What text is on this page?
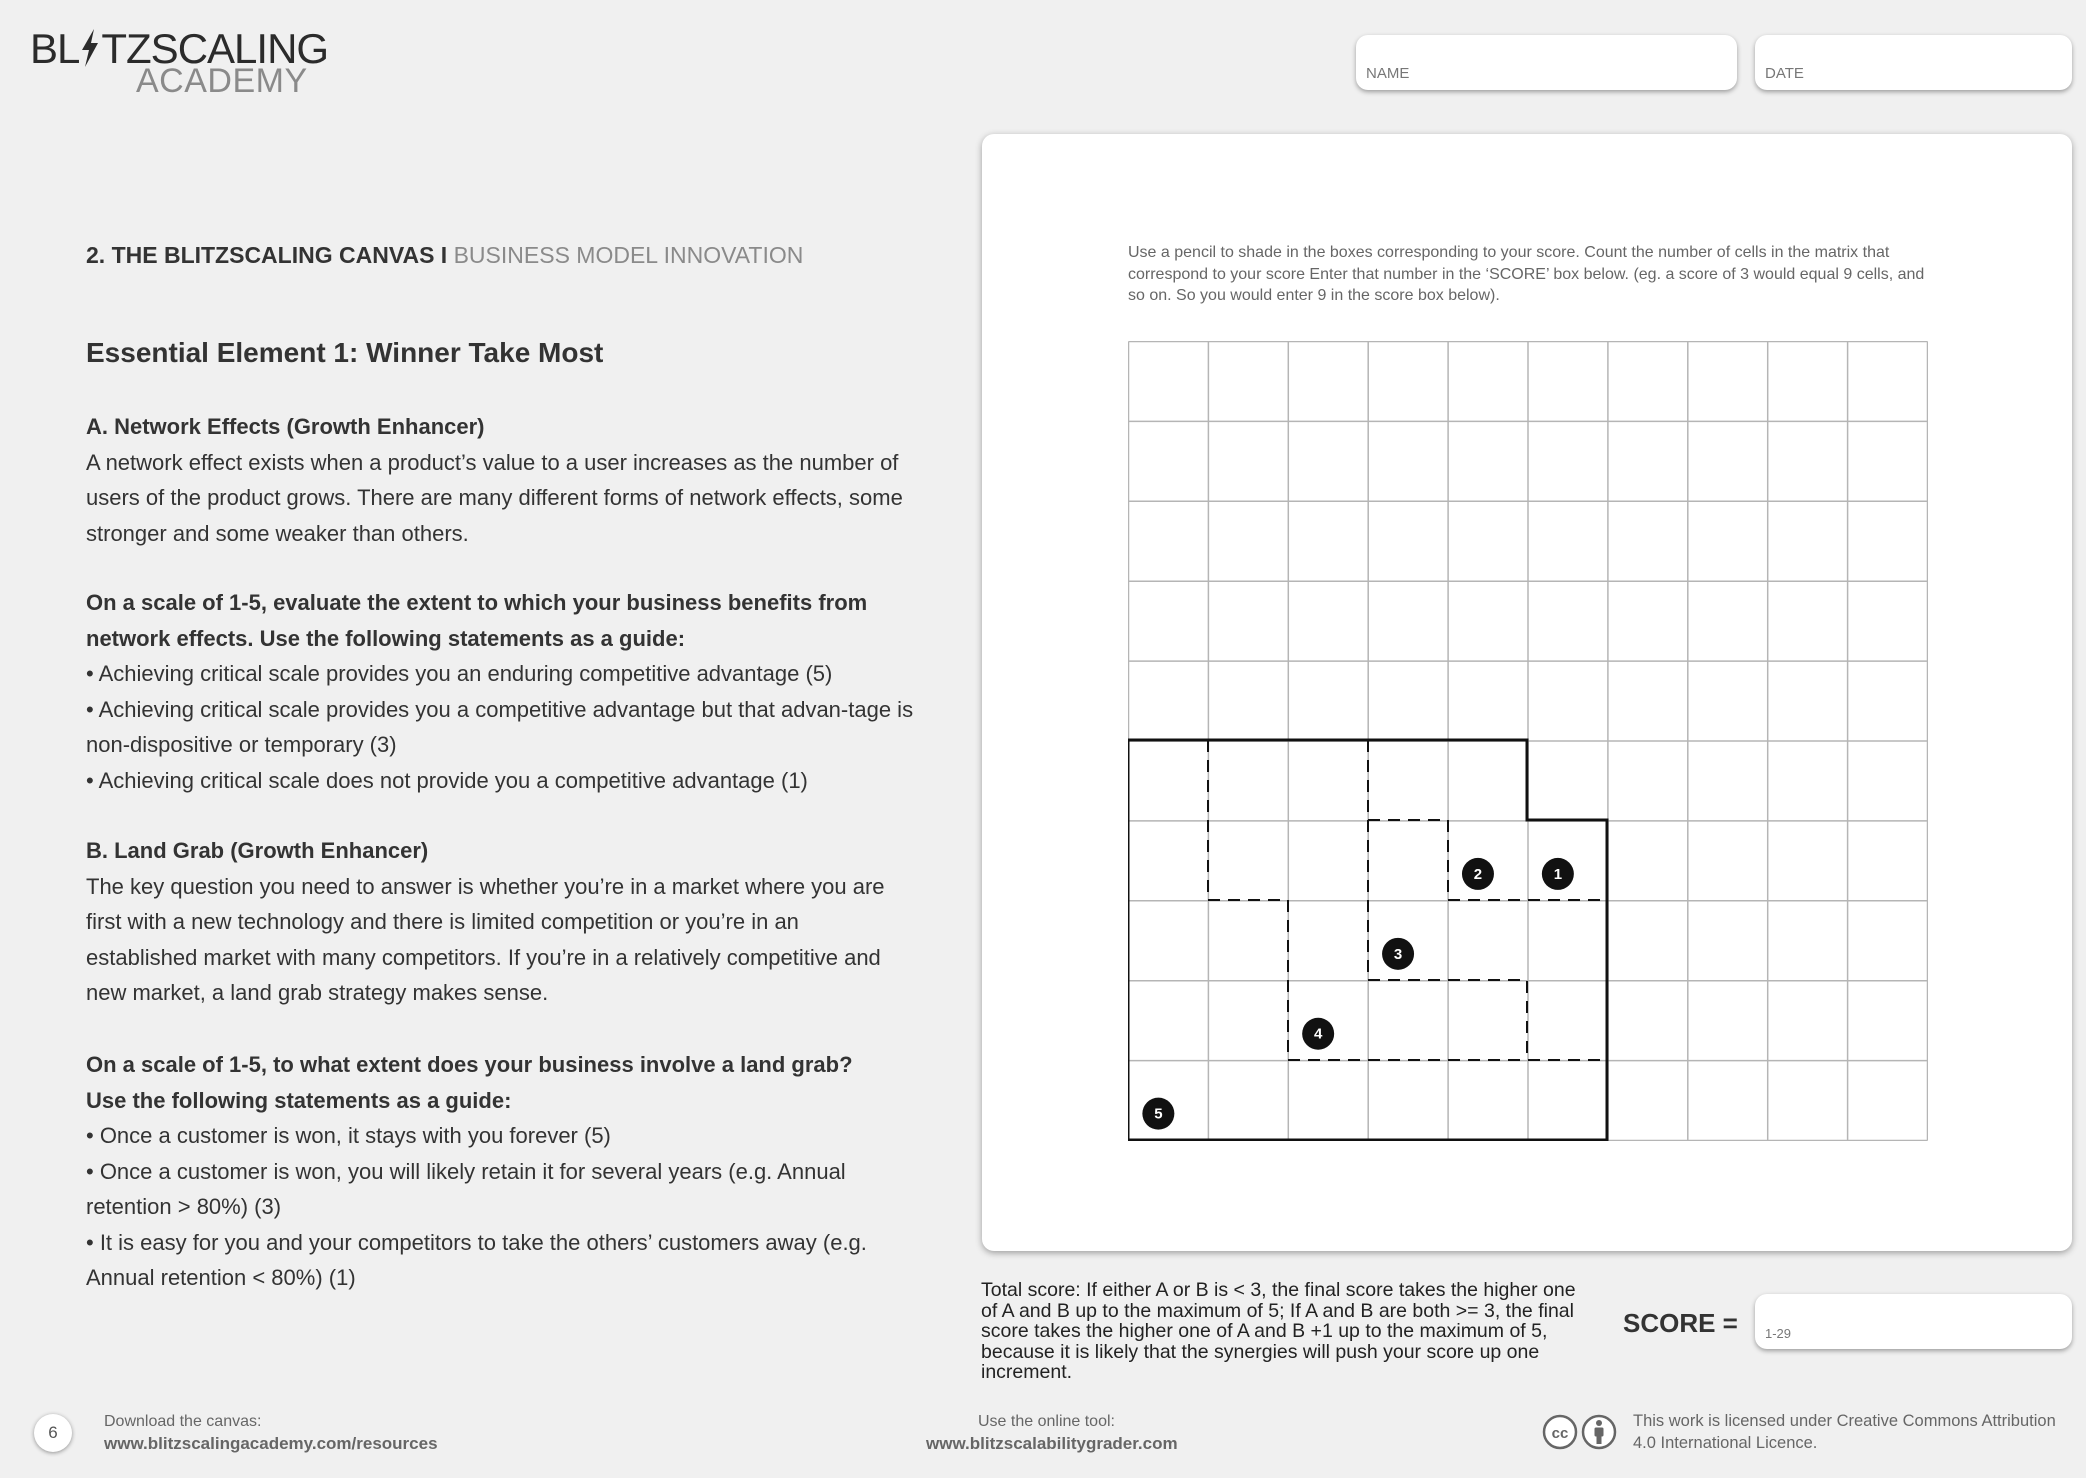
BL TZSCALING
ACADEMY	NAME	DATE
2. THE BLITZSCALING CANVAS I BUSINESS MODEL INNOVATION
Essential Element 1: Winner Take Most
A. Network Effects (Growth Enhancer)
A network effect exists when a product’s value to a user increases as the number of users of the product grows. There are many different forms of network effects, some stronger and some weaker than others.
On a scale of 1-5, evaluate the extent to which your business benefits from network effects. Use the following statements as a guide:
• Achieving critical scale provides you an enduring competitive advantage (5)
• Achieving critical scale provides you a competitive advantage but that advan-tage is non-dispositive or temporary (3)
• Achieving critical scale does not provide you a competitive advantage (1)
B. Land Grab (Growth Enhancer)
The key question you need to answer is whether you’re in a market where you are first with a new technology and there is limited competition or you’re in an established market with many competitors. If you’re in a relatively competitive and new market, a land grab strategy makes sense.
On a scale of 1-5, to what extent does your business involve a land grab?
Use the following statements as a guide:
• Once a customer is won, it stays with you forever (5)
• Once a customer is won, you will likely retain it for several years (e.g. Annual retention > 80%) (3)
• It is easy for you and your competitors to take the others’ customers away (e.g. Annual retention < 80%) (1)
Use a pencil to shade in the boxes corresponding to your score. Count the number of cells in the matrix that correspond to your score Enter that number in the ‘SCORE’ box below. (eg. a score of 3 would equal 9 cells, and so on. So you would enter 9 in the score box below).
1
2
3
4
5
Total score: If either A or B is < 3, the final score takes the higher one of A and B up to the maximum of 5; If A and B are both >= 3, the final score takes the higher one of A and B +1 up to the maximum of 5, because it is likely that the synergies will push your score up one increment.
SCORE = 1-29
6
Download the canvas:
www.blitzscalingacademy.com/resources
Use the online tool:
www.blitzscalabilitygrader.com
cc
This work is licensed under Creative Commons Attribution 4.0 International Licence.
